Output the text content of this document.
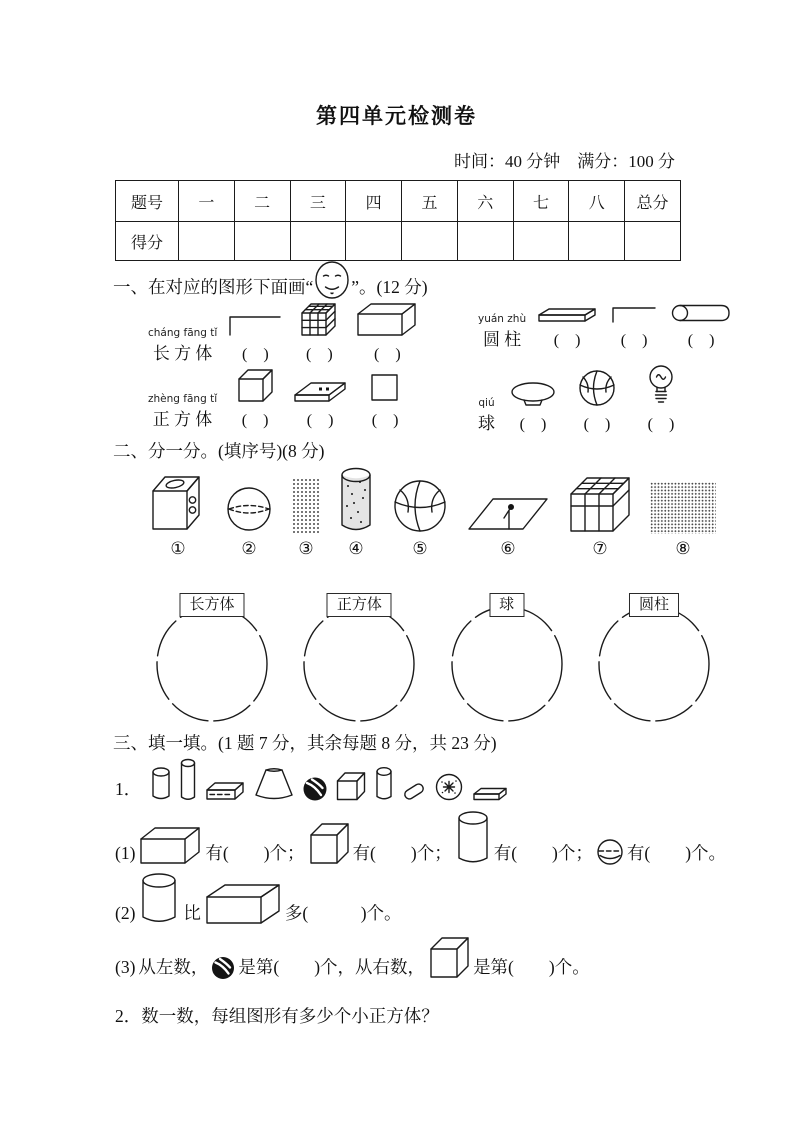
第四单元检测卷
时间：40 分钟　满分：100 分
题号	一	二	三	四	五	六	七	八	总分
得分									
一、在对应的图形下面画“ ”。(12 分)
cháng fāng tǐ
长 方 体	(　) (　)	(　)
yuán zhù
圆 柱	(　)	(　)	(　)
zhèng fāng tǐ
正 方 体	(　) (　) (　)
qiú
球 (　) (　) (　)
二、分一分。(填序号)(8 分)
①	② ③ ④	⑤	⑥	⑦	⑧
长方体	正方体	球	圆柱
三、填一填。(1 题 7 分，其余每题 8 分，共 23 分)
1．
(1)	有(　　)个；	有(　　)个； 有(　　)个； 有(　　)个。
(2)	比	多(　　　)个。
(3) 从左数， 是第(　　)个，从右数，	是第(　　)个。
2．数一数，每组图形有多少个小正方体？
